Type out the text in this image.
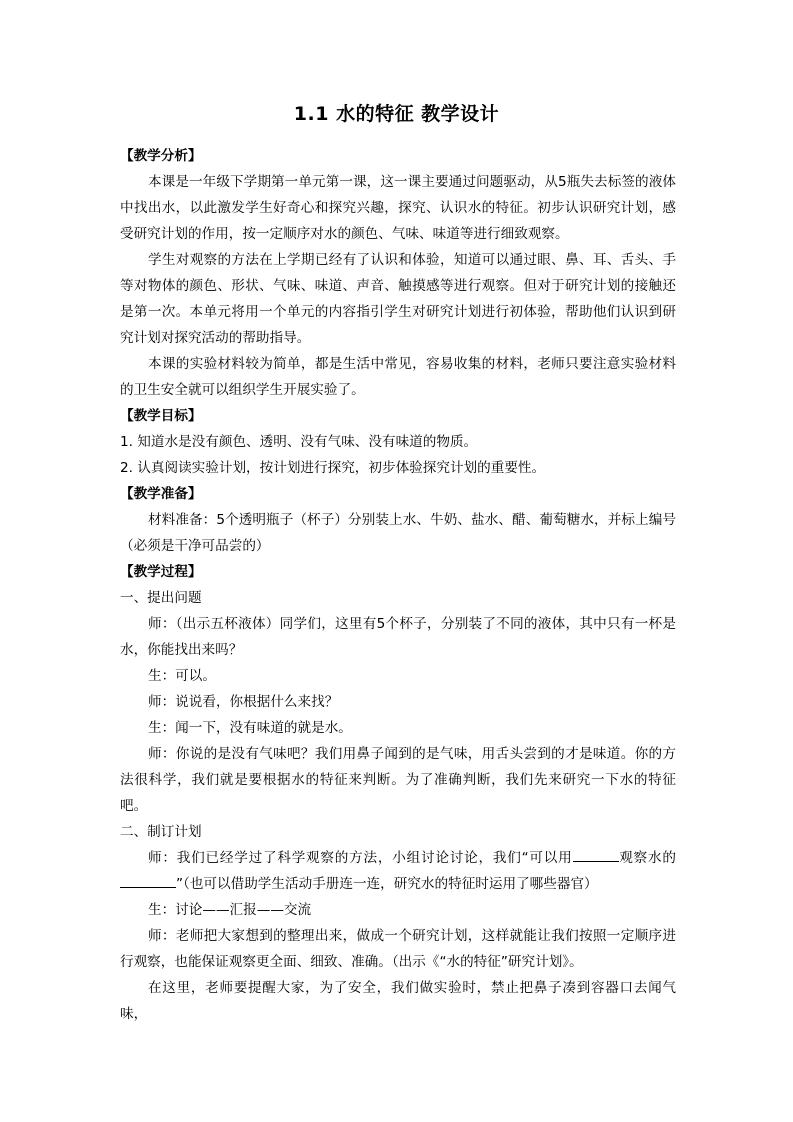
1.1 水的特征 教学设计

【教学分析】

本课是一年级下学期第一单元第一课，这一课主要通过问题驱动，从5瓶失去标签的液体中找出水，以此激发学生好奇心和探究兴趣，探究、认识水的特征。初步认识研究计划，感受研究计划的作用，按一定顺序对水的颜色、气味、味道等进行细致观察。

学生对观察的方法在上学期已经有了认识和体验，知道可以通过眼、鼻、耳、舌头、手等对物体的颜色、形状、气味、味道、声音、触摸感等进行观察。但对于研究计划的接触还是第一次。本单元将用一个单元的内容指引学生对研究计划进行初体验，帮助他们认识到研究计划对探究活动的帮助指导。

本课的实验材料较为简单，都是生活中常见，容易收集的材料，老师只要注意实验材料的卫生安全就可以组织学生开展实验了。

【教学目标】

1. 知道水是没有颜色、透明、没有气味、没有味道的物质。

2. 认真阅读实验计划，按计划进行探究，初步体验探究计划的重要性。

【教学准备】

材料准备：5个透明瓶子（杯子）分别装上水、牛奶、盐水、醋、葡萄糖水，并标上编号（必须是干净可品尝的）

【教学过程】

一、提出问题

师：（出示五杯液体）同学们，这里有5个杯子，分别装了不同的液体，其中只有一杯是水，你能找出来吗？

生：可以。

师：说说看，你根据什么来找？

生：闻一下，没有味道的就是水。

师：你说的是没有气味吧？我们用鼻子闻到的是气味，用舌头尝到的才是味道。你的方法很科学，我们就是要根据水的特征来判断。为了准确判断，我们先来研究一下水的特征吧。

二、制订计划

师：我们已经学过了科学观察的方法，小组讨论讨论，我们“可以用	观察水的”（也可以借助学生活动手册连一连，研究水的特征时运用了哪些器官）

生：讨论——汇报——交流

师：老师把大家想到的整理出来，做成一个研究计划，这样就能让我们按照一定顺序进行观察，也能保证观察更全面、细致、准确。（出示《“水的特征”研究计划》。

在这里，老师要提醒大家，为了安全，我们做实验时，禁止把鼻子凑到容器口去闻气味，
